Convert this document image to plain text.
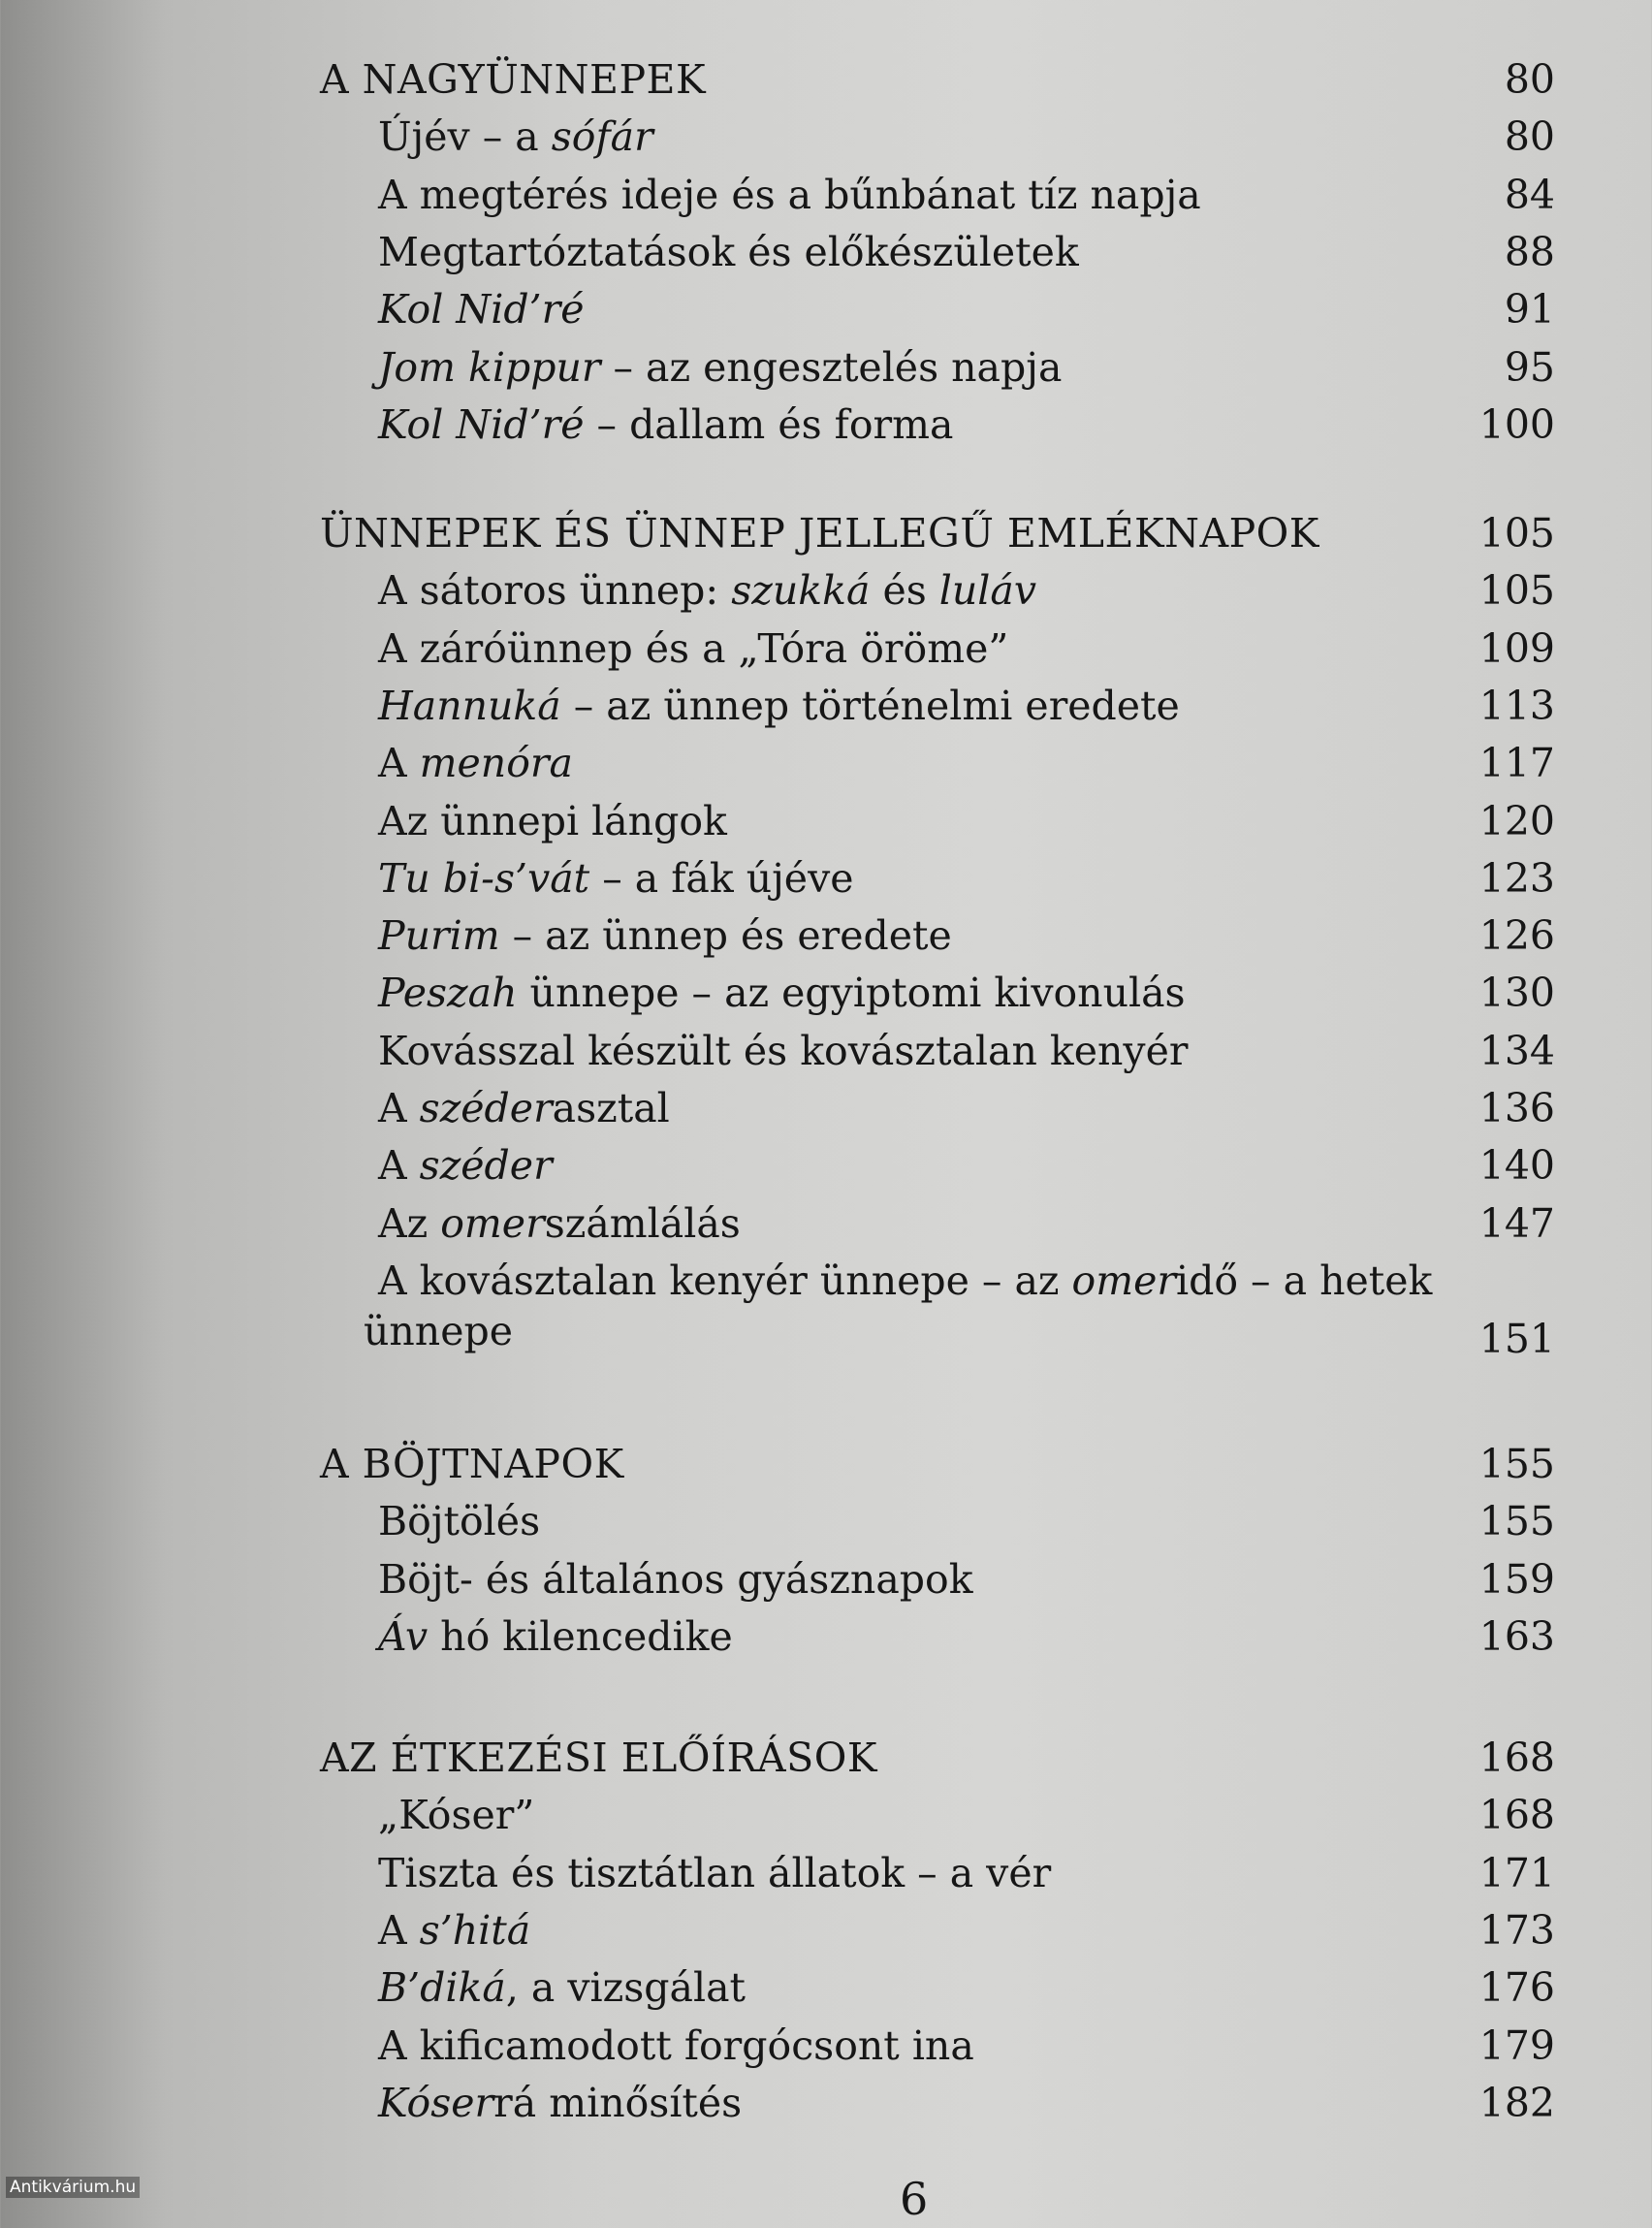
A NAGYÜNNEPEK	80
Újév – a sófár	80
A megtérés ideje és a bűnbánat tíz napja	84
Megtartóztatások és előkészületek	88
Kol Nid’ré	91
Jom kippur – az engesztelés napja	95
Kol Nid’ré – dallam és forma	100
ÜNNEPEK ÉS ÜNNEP JELLEGŰ EMLÉKNAPOK	105
A sátoros ünnep: szukká és luláv	105
A záróünnep és a „Tóra öröme”	109
Hannuká – az ünnep történelmi eredete	113
A menóra	117
Az ünnepi lángok	120
Tu bi-s’vát – a fák újéve	123
Purim – az ünnep és eredete	126
Peszah ünnepe – az egyiptomi kivonulás	130
Kovásszal készült és kovásztalan kenyér	134
A széderasztal	136
A széder	140
Az omerszámlálás	147
A kovásztalan kenyér ünnepe – az omeridő – a hetek
ünnepe	151
A BÖJTNAPOK	155
Böjtölés	155
Böjt- és általános gyásznapok	159
Áv hó kilencedike	163
AZ ÉTKEZÉSI ELŐÍRÁSOK	168
„Kóser”	168
Tiszta és tisztátlan állatok – a vér	171
A s’hitá	173
B’diká, a vizsgálat	176
A kificamodott forgócsont ina	179
Kóserrá minősítés	182
6
Antikvárium.hu
